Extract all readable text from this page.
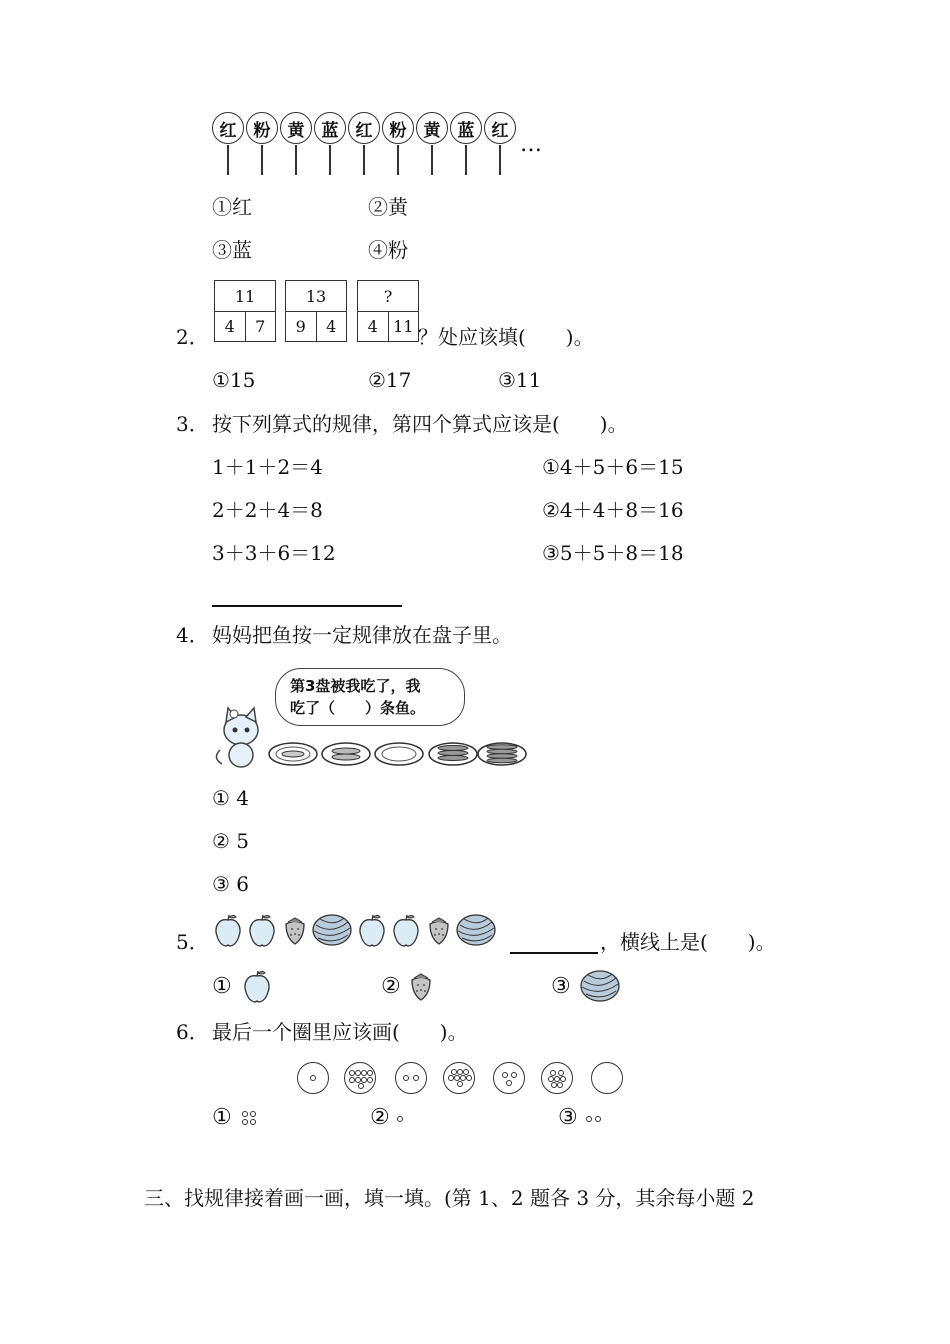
红	粉	黄	蓝	红	粉	黄	蓝	红
…
①红	②黄
③蓝	④粉
2．
11
4	7
13
9	4
?
4 11 ？处应该填(　　)。
①15	②17	③11
3． 按下列算式的规律，第四个算式应该是(　　)。
1＋1＋2＝4
2＋2＋4＝8
3＋3＋6＝12
①4＋5＋6＝15
②4＋4＋8＝16
③5＋5＋8＝18
4． 妈妈把鱼按一定规律放在盘子里。
第3盘被我吃了，我
吃了（　　）条鱼。
① 4
② 5
③ 6
5．	，横线上是(　　)。
①	②	③
6． 最后一个圈里应该画(　　)。
①	②	③
三、找规律接着画一画，填一填。(第 1、2 题各 3 分，其余每小题 2
